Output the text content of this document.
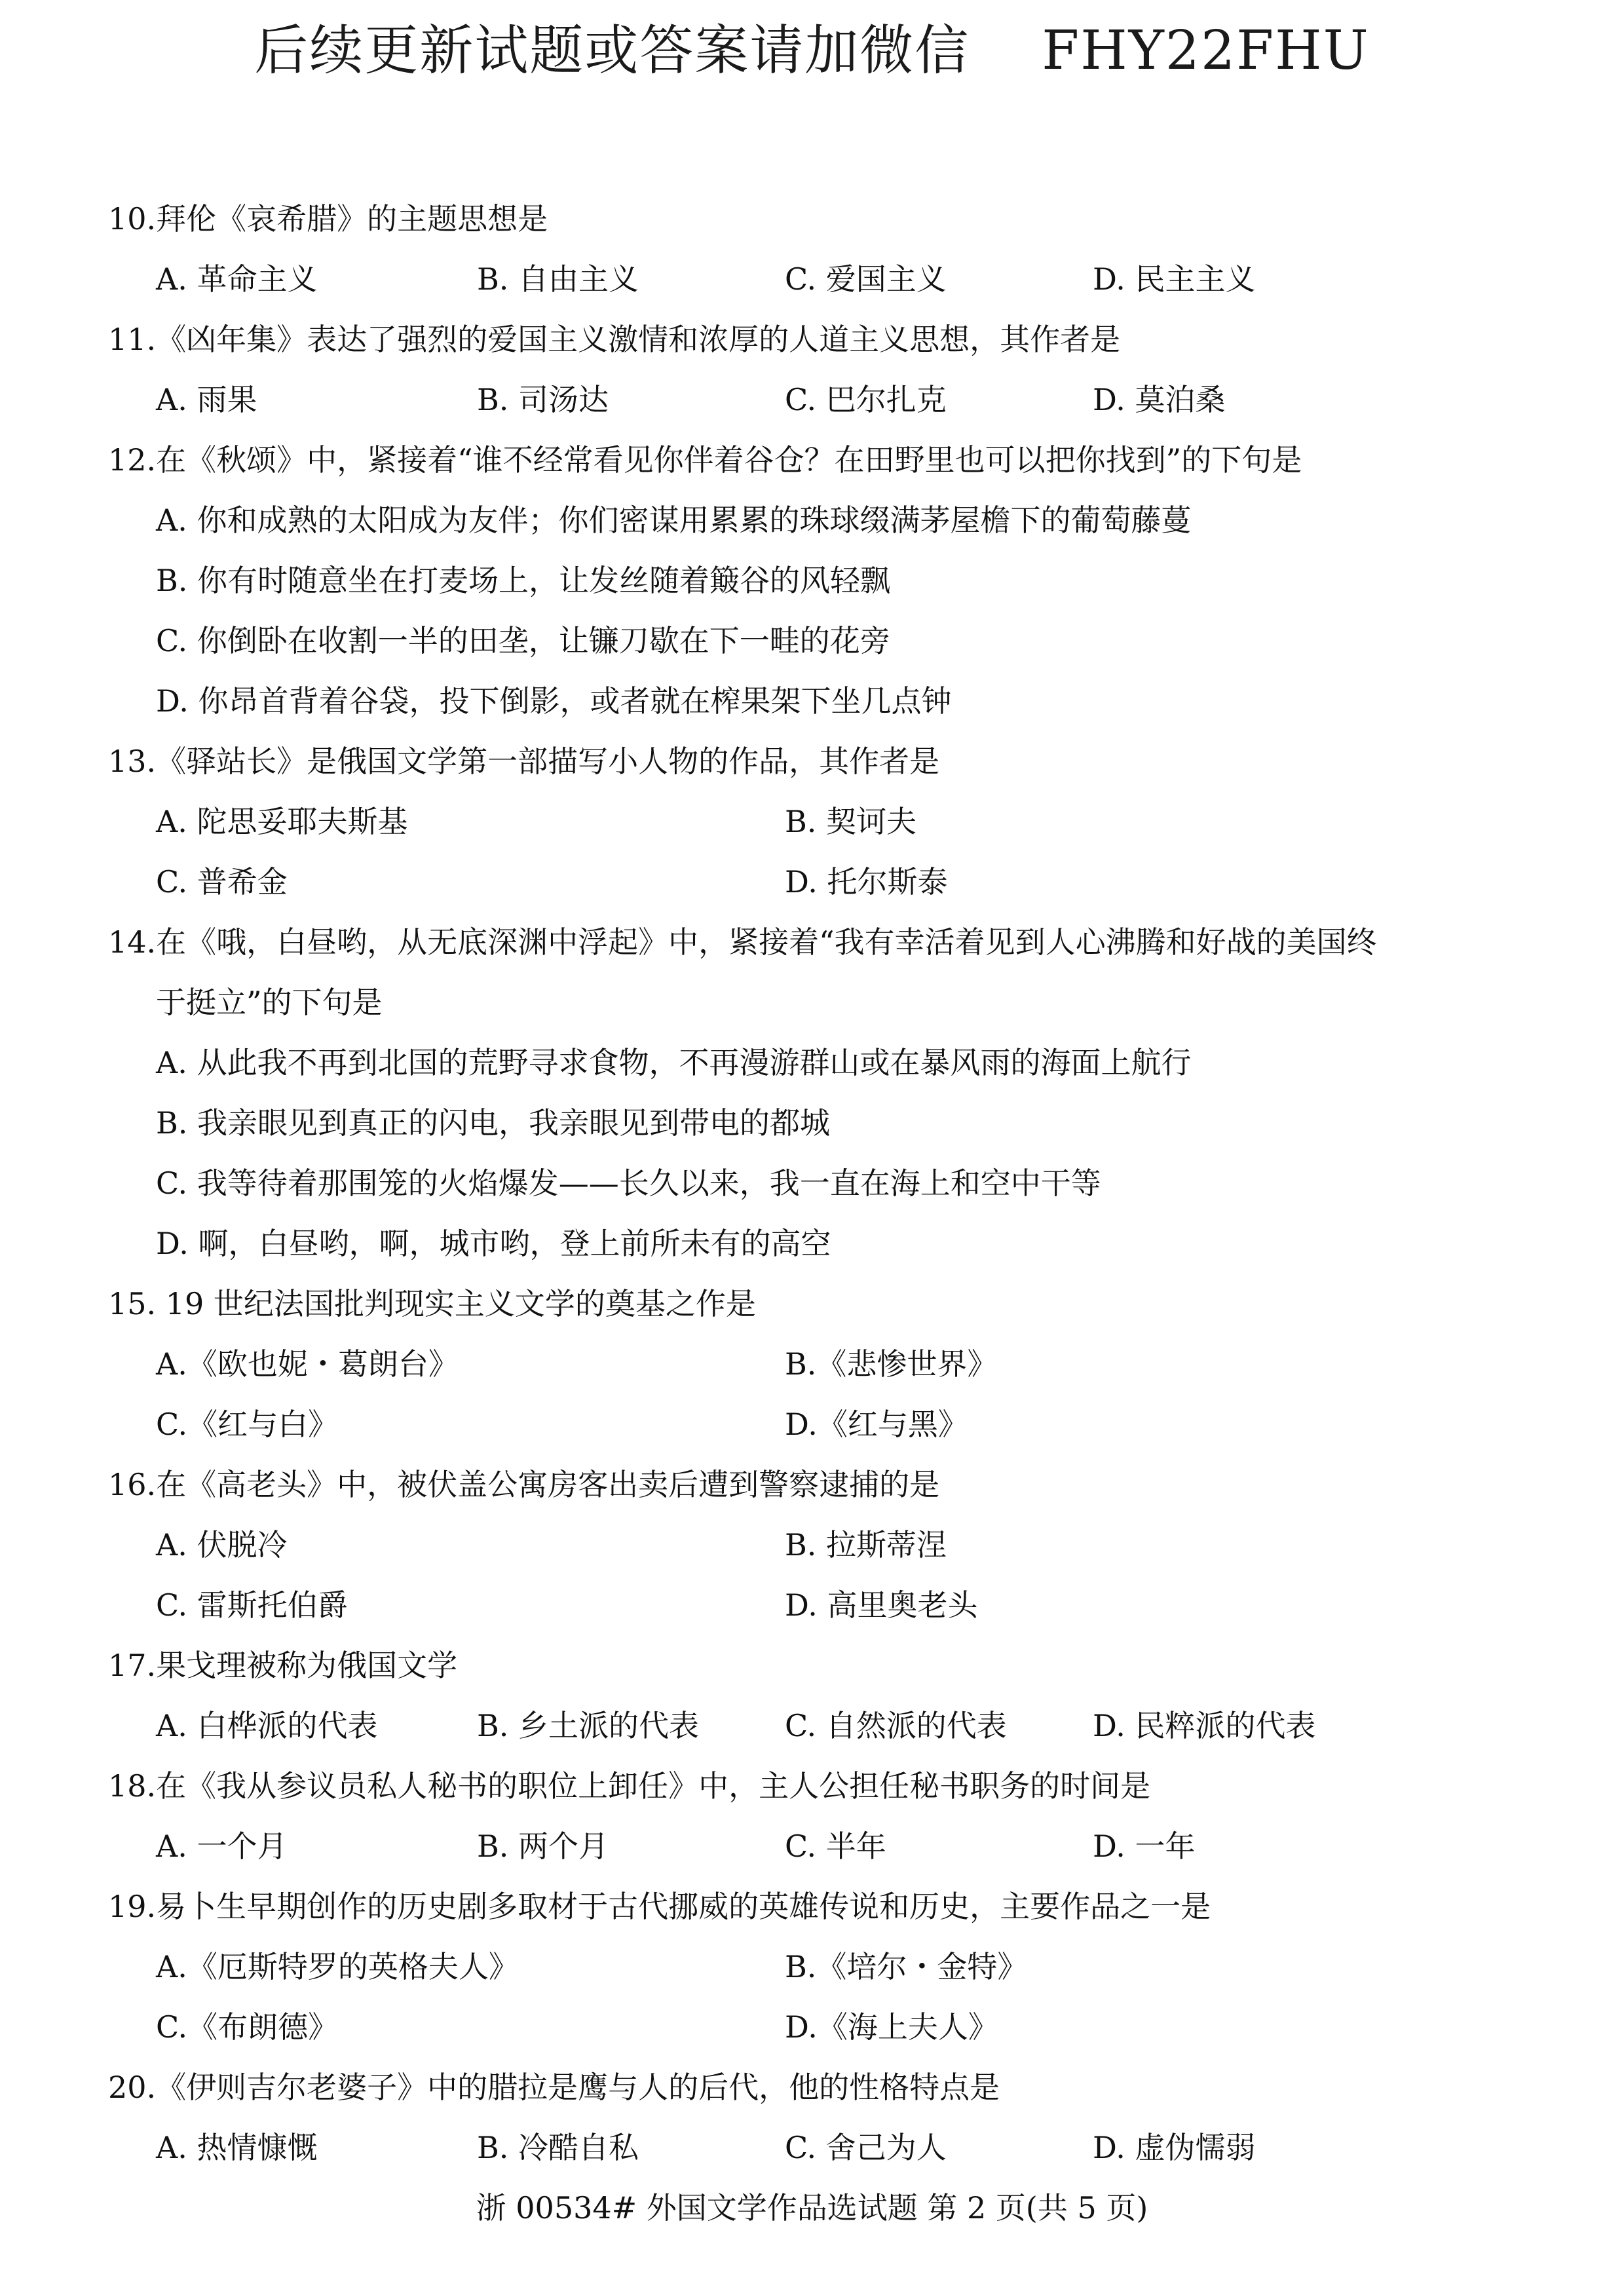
后续更新试题或答案请加微信 FHY22FHU
10.拜伦《哀希腊》的主题思想是
A. 革命主义	B. 自由主义	C. 爱国主义	D. 民主主义
11.《凶年集》表达了强烈的爱国主义激情和浓厚的人道主义思想，其作者是
A. 雨果	B. 司汤达	C. 巴尔扎克	D. 莫泊桑
12.在《秋颂》中，紧接着“谁不经常看见你伴着谷仓？在田野里也可以把你找到”的下句是
A. 你和成熟的太阳成为友伴；你们密谋用累累的珠球缀满茅屋檐下的葡萄藤蔓
B. 你有时随意坐在打麦场上，让发丝随着簸谷的风轻飘
C. 你倒卧在收割一半的田垄，让镰刀歇在下一畦的花旁
D. 你昂首背着谷袋，投下倒影，或者就在榨果架下坐几点钟
13.《驿站长》是俄国文学第一部描写小人物的作品，其作者是
A. 陀思妥耶夫斯基	B. 契诃夫
C. 普希金	D. 托尔斯泰
14.在《哦，白昼哟，从无底深渊中浮起》中，紧接着“我有幸活着见到人心沸腾和好战的美国终
于挺立”的下句是
A. 从此我不再到北国的荒野寻求食物，不再漫游群山或在暴风雨的海面上航行
B. 我亲眼见到真正的闪电，我亲眼见到带电的都城
C. 我等待着那围笼的火焰爆发——长久以来，我一直在海上和空中干等
D. 啊，白昼哟，啊，城市哟，登上前所未有的高空
15. 19 世纪法国批判现实主义文学的奠基之作是
A.《欧也妮・葛朗台》	B.《悲惨世界》
C.《红与白》	D.《红与黑》
16.在《高老头》中，被伏盖公寓房客出卖后遭到警察逮捕的是
A. 伏脱冷	B. 拉斯蒂涅
C. 雷斯托伯爵	D. 高里奥老头
17.果戈理被称为俄国文学
A. 白桦派的代表	B. 乡土派的代表	C. 自然派的代表	D. 民粹派的代表
18.在《我从参议员私人秘书的职位上卸任》中，主人公担任秘书职务的时间是
A. 一个月	B. 两个月	C. 半年	D. 一年
19.易卜生早期创作的历史剧多取材于古代挪威的英雄传说和历史，主要作品之一是
A.《厄斯特罗的英格夫人》	B.《培尔・金特》
C.《布朗德》	D.《海上夫人》
20.《伊则吉尔老婆子》中的腊拉是鹰与人的后代，他的性格特点是
A. 热情慷慨	B. 冷酷自私	C. 舍己为人	D. 虚伪懦弱
浙 00534# 外国文学作品选试题 第 2 页(共 5 页)
